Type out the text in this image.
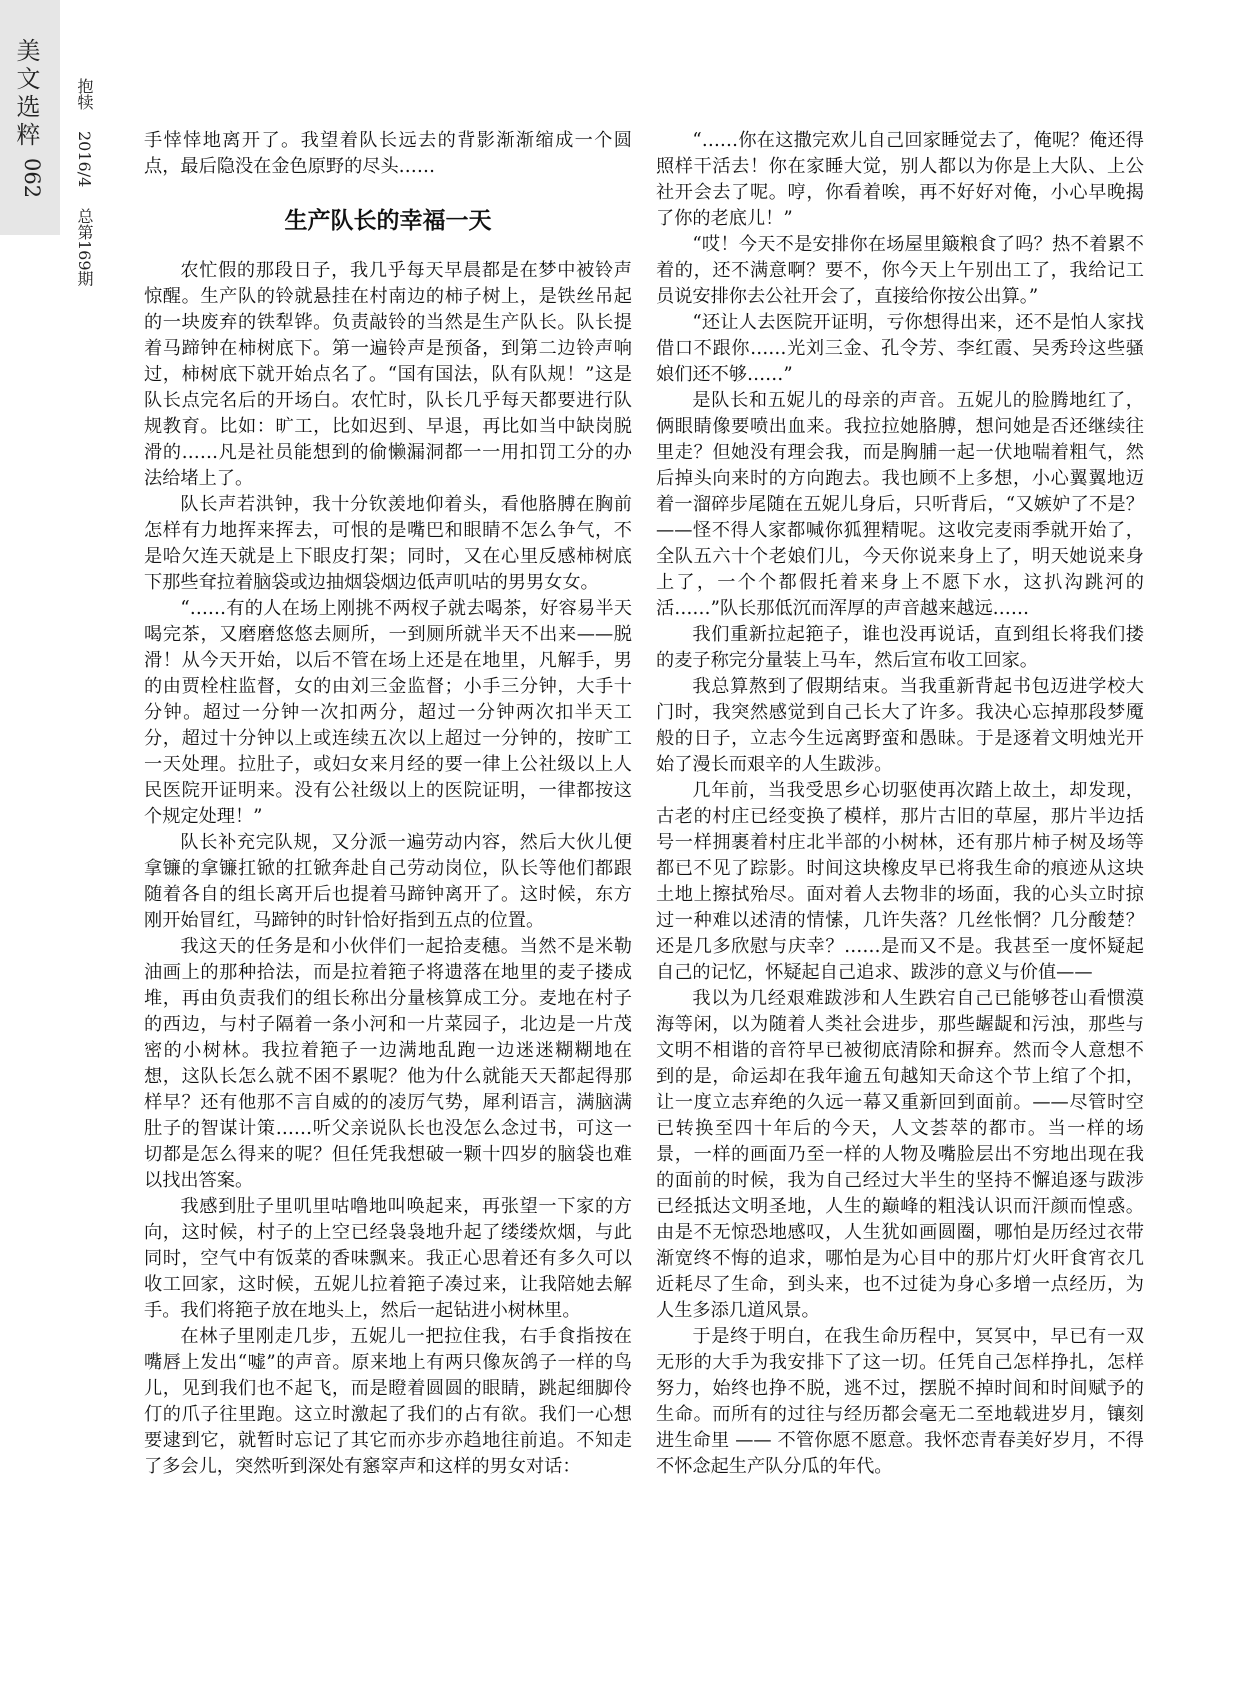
美文选粹
062
抱犊 2016/4 总第169期

手悻悻地离开了。我望着队长远去的背影渐渐缩成一个圆点，最后隐没在金色原野的尽头……

生产队长的幸福一天

农忙假的那段日子，我几乎每天早晨都是在梦中被铃声惊醒。生产队的铃就悬挂在村南边的柿子树上，是铁丝吊起的一块废弃的铁犁铧。负责敲铃的当然是生产队长。队长提着马蹄钟在柿树底下。第一遍铃声是预备，到第二边铃声响过，柿树底下就开始点名了。“国有国法，队有队规！”这是队长点完名后的开场白。农忙时，队长几乎每天都要进行队规教育。比如：旷工，比如迟到、早退，再比如当中缺岗脱滑的……凡是社员能想到的偷懒漏洞都一一用扣罚工分的办法给堵上了。

队长声若洪钟，我十分钦羡地仰着头，看他胳膊在胸前怎样有力地挥来挥去，可恨的是嘴巴和眼睛不怎么争气，不是哈欠连天就是上下眼皮打架；同时，又在心里反感柿树底下那些耷拉着脑袋或边抽烟袋烟边低声叽咕的男男女女。

“……有的人在场上刚挑不两杈子就去喝茶，好容易半天喝完茶，又磨磨悠悠去厕所，一到厕所就半天不出来——脱滑！从今天开始，以后不管在场上还是在地里，凡解手，男的由贾栓柱监督，女的由刘三金监督；小手三分钟，大手十分钟。超过一分钟一次扣两分，超过一分钟两次扣半天工分，超过十分钟以上或连续五次以上超过一分钟的，按旷工一天处理。拉肚子，或妇女来月经的要一律上公社级以上人民医院开证明来。没有公社级以上的医院证明，一律都按这个规定处理！”

队长补充完队规，又分派一遍劳动内容，然后大伙儿便拿镰的拿镰扛锨的扛锨奔赴自己劳动岗位，队长等他们都跟随着各自的组长离开后也提着马蹄钟离开了。这时候，东方刚开始冒红，马蹄钟的时针恰好指到五点的位置。

我这天的任务是和小伙伴们一起拾麦穗。当然不是米勒油画上的那种拾法，而是拉着筢子将遗落在地里的麦子搂成堆，再由负责我们的组长称出分量核算成工分。麦地在村子的西边，与村子隔着一条小河和一片菜园子，北边是一片茂密的小树林。我拉着筢子一边满地乱跑一边迷迷糊糊地在想，这队长怎么就不困不累呢？他为什么就能天天都起得那样早？还有他那不言自威的的凌厉气势，犀利语言，满脑满肚子的智谋计策……听父亲说队长也没怎么念过书，可这一切都是怎么得来的呢？但任凭我想破一颗十四岁的脑袋也难以找出答案。

我感到肚子里叽里咕噜地叫唤起来，再张望一下家的方向，这时候，村子的上空已经袅袅地升起了缕缕炊烟，与此同时，空气中有饭菜的香味飘来。我正心思着还有多久可以收工回家，这时候，五妮儿拉着筢子凑过来，让我陪她去解手。我们将筢子放在地头上，然后一起钻进小树林里。

在林子里刚走几步，五妮儿一把拉住我，右手食指按在嘴唇上发出“嘘”的声音。原来地上有两只像灰鸽子一样的鸟儿，见到我们也不起飞，而是瞪着圆圆的眼睛，跳起细脚伶仃的爪子往里跑。这立时激起了我们的占有欲。我们一心想要逮到它，就暂时忘记了其它而亦步亦趋地往前追。不知走了多会儿，突然听到深处有窸窣声和这样的男女对话：

“……你在这撒完欢儿自己回家睡觉去了，俺呢？俺还得照样干活去！你在家睡大觉，别人都以为你是上大队、上公社开会去了呢。哼，你看着唉，再不好好对俺，小心早晚揭了你的老底儿！”

“哎！今天不是安排你在场屋里簸粮食了吗？热不着累不着的，还不满意啊？要不，你今天上午别出工了，我给记工员说安排你去公社开会了，直接给你按公出算。”

“还让人去医院开证明，亏你想得出来，还不是怕人家找借口不跟你……光刘三金、孔令芳、李红霞、吴秀玲这些骚娘们还不够……”

是队长和五妮儿的母亲的声音。五妮儿的脸腾地红了，俩眼睛像要喷出血来。我拉拉她胳膊，想问她是否还继续往里走？但她没有理会我，而是胸脯一起一伏地喘着粗气，然后掉头向来时的方向跑去。我也顾不上多想，小心翼翼地迈着一溜碎步尾随在五妮儿身后，只听背后，“又嫉妒了不是？——怪不得人家都喊你狐狸精呢。这收完麦雨季就开始了，全队五六十个老娘们儿，今天你说来身上了，明天她说来身上了，一个个都假托着来身上不愿下水，这扒沟跳河的活……”队长那低沉而浑厚的声音越来越远……

我们重新拉起筢子，谁也没再说话，直到组长将我们搂的麦子称完分量装上马车，然后宣布收工回家。

我总算熬到了假期结束。当我重新背起书包迈进学校大门时，我突然感觉到自己长大了许多。我决心忘掉那段梦魇般的日子，立志今生远离野蛮和愚昧。于是逐着文明烛光开始了漫长而艰辛的人生跋涉。

几年前，当我受思乡心切驱使再次踏上故土，却发现，古老的村庄已经变换了模样，那片古旧的草屋，那片半边括号一样拥裹着村庄北半部的小树林，还有那片柿子树及场等都已不见了踪影。时间这块橡皮早已将我生命的痕迹从这块土地上擦拭殆尽。面对着人去物非的场面，我的心头立时掠过一种难以述清的情愫，几许失落？几丝怅惘？几分酸楚？还是几多欣慰与庆幸？……是而又不是。我甚至一度怀疑起自己的记忆，怀疑起自己追求、跋涉的意义与价值——

我以为几经艰难跋涉和人生跌宕自己已能够苍山看惯漠海等闲，以为随着人类社会进步，那些龌龊和污浊，那些与文明不相谐的音符早已被彻底清除和摒弃。然而令人意想不到的是，命运却在我年逾五旬越知天命这个节上绾了个扣，让一度立志弃绝的久远一幕又重新回到面前。——尽管时空已转换至四十年后的今天，人文荟萃的都市。当一样的场景，一样的画面乃至一样的人物及嘴脸层出不穷地出现在我的面前的时候，我为自己经过大半生的坚持不懈追逐与跋涉已经抵达文明圣地，人生的巅峰的粗浅认识而汗颜而惶惑。由是不无惊恐地感叹，人生犹如画圆圈，哪怕是历经过衣带渐宽终不悔的追求，哪怕是为心目中的那片灯火旰食宵衣几近耗尽了生命，到头来，也不过徒为身心多增一点经历，为人生多添几道风景。

于是终于明白，在我生命历程中，冥冥中，早已有一双无形的大手为我安排下了这一切。任凭自己怎样挣扎，怎样努力，始终也挣不脱，逃不过，摆脱不掉时间和时间赋予的生命。而所有的过往与经历都会毫无二至地载进岁月，镶刻进生命里 —— 不管你愿不愿意。我怀恋青春美好岁月，不得不怀念起生产队分瓜的年代。
